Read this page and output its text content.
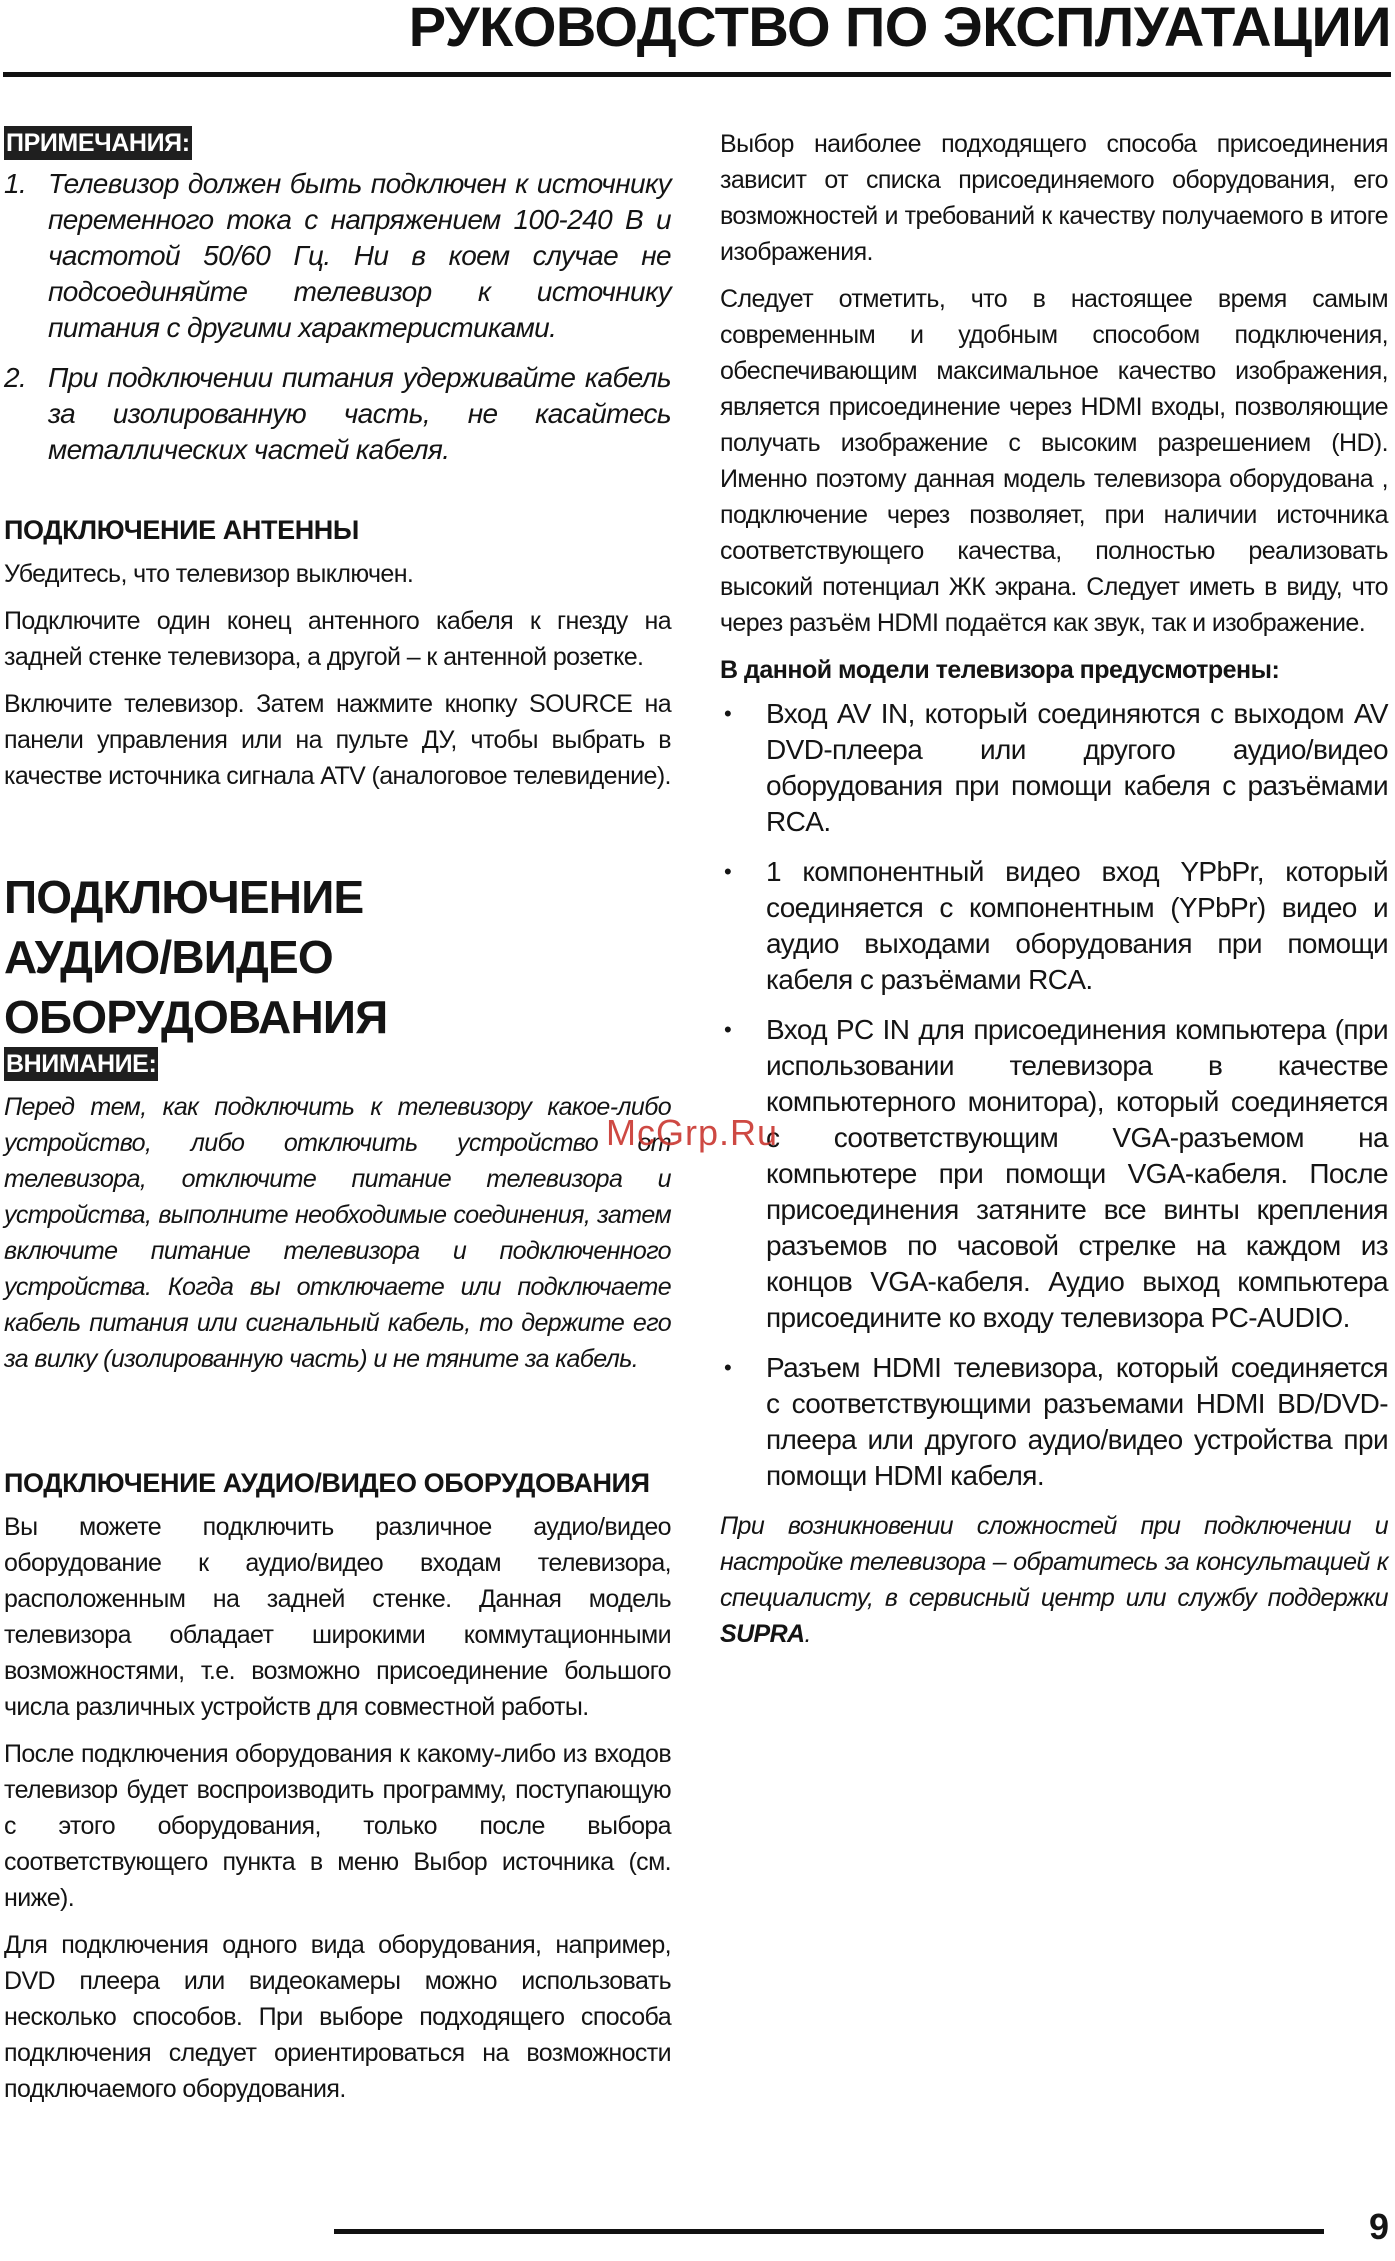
РУКОВОДСТВО ПО ЭКСПЛУАТАЦИИ
ПРИМЕЧАНИЯ:
1. Телевизор должен быть подключен к источнику переменного тока с напряжением 100-240 В и частотой 50/60 Гц. Ни в коем случае не подсоединяйте телевизор к источнику питания с другими характеристиками.
2. При подключении питания удерживайте кабель за изолированную часть, не касайтесь металлических частей кабеля.

ПОДКЛЮЧЕНИЕ АНТЕННЫ

Убедитесь, что телевизор выключен.

Подключите один конец антенного кабеля к гнезду на задней стенке телевизора, а другой – к антенной розетке.

Включите телевизор. Затем нажмите кнопку SOURCE на панели управления или на пульте ДУ, чтобы выбрать в качестве источника сигнала ATV (аналоговое телевидение).

ПОДКЛЮЧЕНИЕ

АУДИО/ВИДЕО ОБОРУДОВАНИЯ

ВНИМАНИЕ:

Перед тем, как подключить к телевизору какое-либо устройство, либо отключить устройство от телевизора, отключите питание телевизора и устройства, выполните необходимые соединения, затем включите питание телевизора и подключенного устройства. Когда вы отключаете или подключаете кабель питания или сигнальный кабель, то держите его за вилку (изолированную часть) и не тяните за кабель.

ПОДКЛЮЧЕНИЕ АУДИО/ВИДЕО ОБОРУДОВАНИЯ

Вы можете подключить различное аудио/видео оборудование к аудио/видео входам телевизора, расположенным на задней стенке. Данная модель телевизора обладает широкими коммутационными возможностями, т.е. возможно присоединение большого числа различных устройств для совместной работы.

После подключения оборудования к какому-либо из входов телевизор будет воспроизводить программу, поступающую с этого оборудования, только после выбора соответствующего пункта в меню Выбор источника (см. ниже).

Для подключения одного вида оборудования, например, DVD плеера или видеокамеры можно использовать несколько способов. При выборе подходящего способа подключения следует ориентироваться на возможности подключаемого оборудования.

Выбор наиболее подходящего способа присоединения зависит от списка присоединяемого оборудования, его возможностей и требований к качеству получаемого в итоге изображения.

Следует отметить, что в настоящее время самым современным и удобным способом подключения, обеспечивающим максимальное качество изображения, является присоединение через HDMI входы, позволяющие получать изображение с высоким разрешением (HD). Именно поэтому данная модель телевизора оборудована , подключение через позволяет, при наличии источника соответствующего качества, полностью реализовать высокий потенциал ЖК экрана. Следует иметь в виду, что через разъём HDMI подаётся как звук, так и изображение.

В данной модели телевизора предусмотрены:

• Вход AV IN, который соединяются с выходом AV DVD-плеера или другого аудио/видео оборудования при помощи кабеля с разъёмами RCA.
• 1 компонентный видео вход YPbPr, который соединяется с компонентным (YPbPr) видео и аудио выходами оборудования при помощи кабеля с разъёмами RCA.
• Вход PC IN для присоединения компьютера (при использовании телевизора в качестве компьютерного монитора), который соединяется с соответствующим VGA-разъемом на компьютере при помощи VGA-кабеля. После присоединения затяните все винты крепления разъемов по часовой стрелке на каждом из концов VGA-кабеля. Аудио выход компьютера присоедините ко входу телевизора PC-AUDIO.
• Разъем HDMI телевизора, который соединяется с соответствующими разъемами HDMI BD/DVD-плеера или другого аудио/видео устройства при помощи HDMI кабеля.

При возникновении сложностей при подключении и настройке телевизора – обратитесь за консультацией к специалисту, в сервисный центр или службу поддержки SUPRA.

McGrp.Ru
9
